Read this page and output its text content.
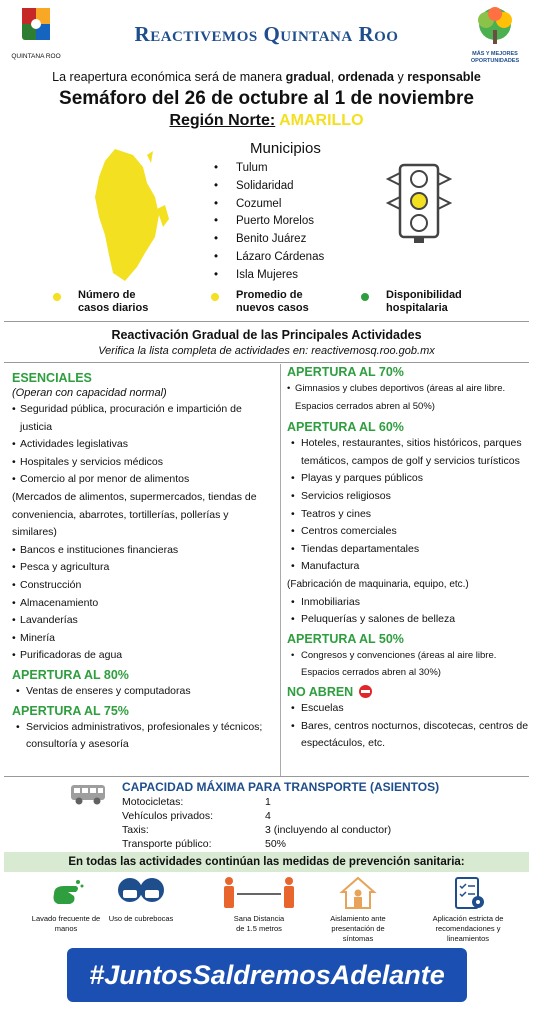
QUINTANA ROO
Reactivemos Quintana Roo
MÁS Y MEJORES OPORTUNIDADES
La reapertura económica será de manera gradual, ordenada y responsable
Semáforo del 26 de octubre al 1 de noviembre
Región Norte: AMARILLO
Municipios
• Tulum
• Solidaridad
• Cozumel
• Puerto Morelos
• Benito Juárez
• Lázaro Cárdenas
• Isla Mujeres
Número de
casos diarios
Promedio de
nuevos casos
Disponibilidad
hospitalaria
Reactivación Gradual de las Principales Actividades
Verifica la lista completa de actividades en: reactivemosq.roo.gob.mx
ESENCIALES
(Operan con capacidad normal)
• Seguridad pública, procuración e impartición de justicia
• Actividades legislativas
• Hospitales y servicios médicos
• Comercio al por menor de alimentos
(Mercados de alimentos, supermercados, tiendas de conveniencia, abarrotes, tortillerías, pollerías y similares)
• Bancos e instituciones financieras
• Pesca y agricultura
• Construcción
• Almacenamiento
• Lavanderías
• Minería
• Purificadoras de agua
APERTURA AL 80%
• Ventas de enseres y computadoras
APERTURA AL 75%
• Servicios administrativos, profesionales y técnicos; consultoría y asesoría
APERTURA AL 70%
• Gimnasios y clubes deportivos (áreas al aire libre. Espacios cerrados abren al 50%)
APERTURA AL 60%
• Hoteles, restaurantes, sitios históricos, parques temáticos, campos de golf y servicios turísticos
• Playas y parques públicos
• Servicios religiosos
• Teatros y cines
• Centros comerciales
• Tiendas departamentales
• Manufactura
(Fabricación de maquinaria, equipo, etc.)
• Inmobiliarias
• Peluquerías y salones de belleza
APERTURA AL 50%
• Congresos y convenciones (áreas al aire libre. Espacios cerrados abren al 30%)
NO ABREN
• Escuelas
• Bares, centros nocturnos, discotecas, centros de espectáculos, etc.
CAPACIDAD MÁXIMA PARA TRANSPORTE (ASIENTOS)
Motocicletas:	1
Vehículos privados:	4
Taxis:	3 (incluyendo al conductor)
Transporte público:	50%
En todas las actividades continúan las medidas de prevención sanitaria:
Lavado frecuente de
manos
Uso de cubrebocas	Sana Distancia
de 1.5 metros
Aislamiento ante
presentación de
síntomas
Aplicación estricta de
recomendaciones y
lineamientos
#JuntosSaldremosAdelante
